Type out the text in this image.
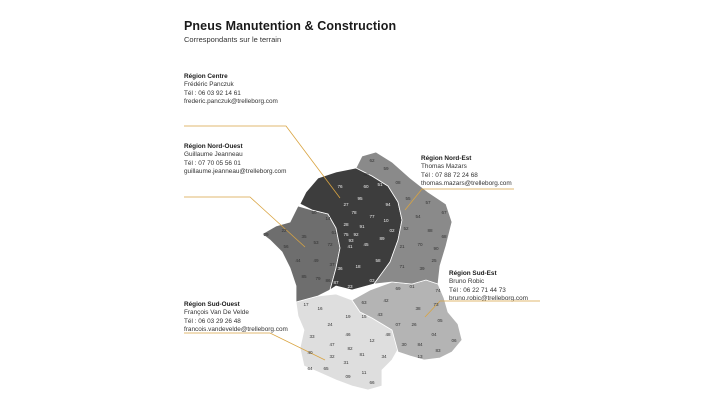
Pneus Manutention & Construction
Correspondants sur le terrain
Région Centre
Frédéric Panczuk
Tél : 06 03 92 14 61
frederic.panczuk@trelleborg.com
Région Nord-Ouest
Guillaume Jeanneau
Tél : 07 70 05 56 01
guillaume.jeanneau@trelleborg.com
Région Nord-Est
Thomas Mazars
Tél : 07 88 72 24 68
thomas.mazars@trelleborg.com
Région Sud-Est
Bruno Robic
Tél : 06 22 71 44 73
bruno.robic@trelleborg.com
Région Sud-Ouest
François Van De Velde
Tél : 06 03 29 26 48
francois.vandevelde@trelleborg.com
76
27
28
45
41
18
36
23
87	03
58
89
10
77
91
78
95
60
94
51
50
14
61
35
22
29
56
44
53 72
49
85 79 86
37
62
59
80
08
55
57
67
68
88
54
52
21	70
90
25
39
71
63	42
69 01
74
73
38
43
07 26
05
04
06
83
84
13
30
48
15
17
16
24
19
46
12
81
82
47
33
40
64 65
32
31
09
11
66
34
75 92
93
02
